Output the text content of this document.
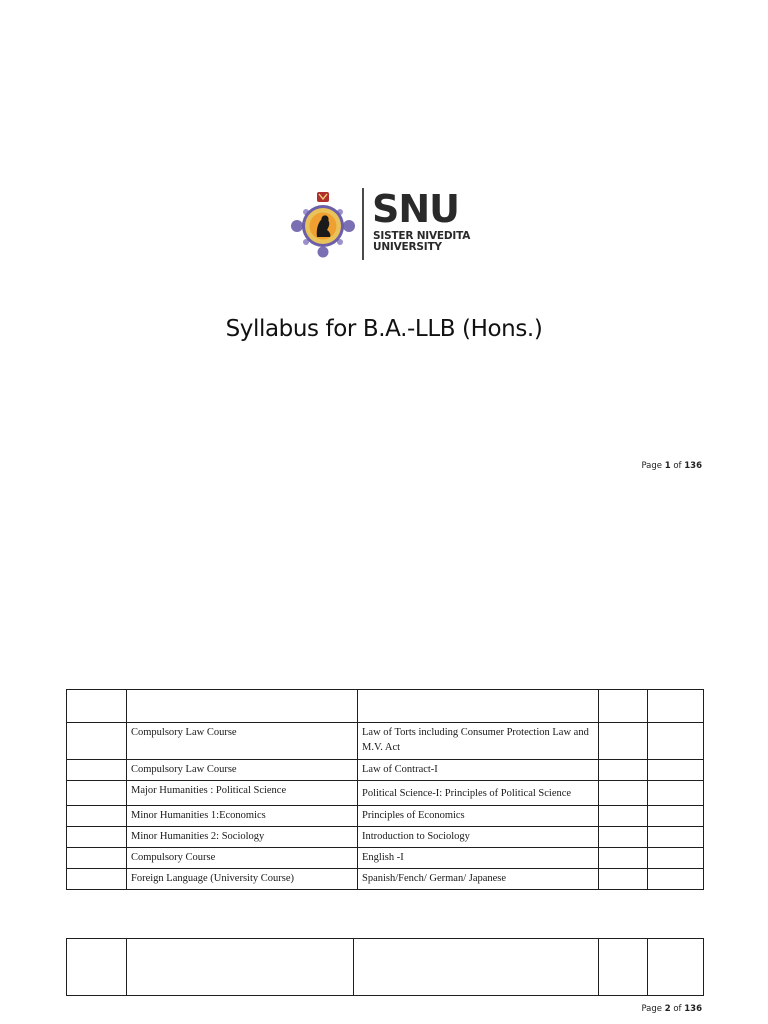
SNU
SISTER NIVEDITA
UNIVERSITY
Syllabus for B.A.-LLB (Hons.)
Page 1 of 136

	Compulsory Law Course	Law of Torts including Consumer Protection Law and M.V. Act		
	Compulsory Law Course	Law of Contract-I		
	Major Humanities : Political Science	Political Science-I: Principles of Political Science		
	Minor Humanities 1:Economics	Principles of Economics		
	Minor Humanities 2: Sociology	Introduction to Sociology		
	Compulsory Course	English -I		
	Foreign Language (University Course)	Spanish/Fench/ German/ Japanese		

Page 2 of 136
